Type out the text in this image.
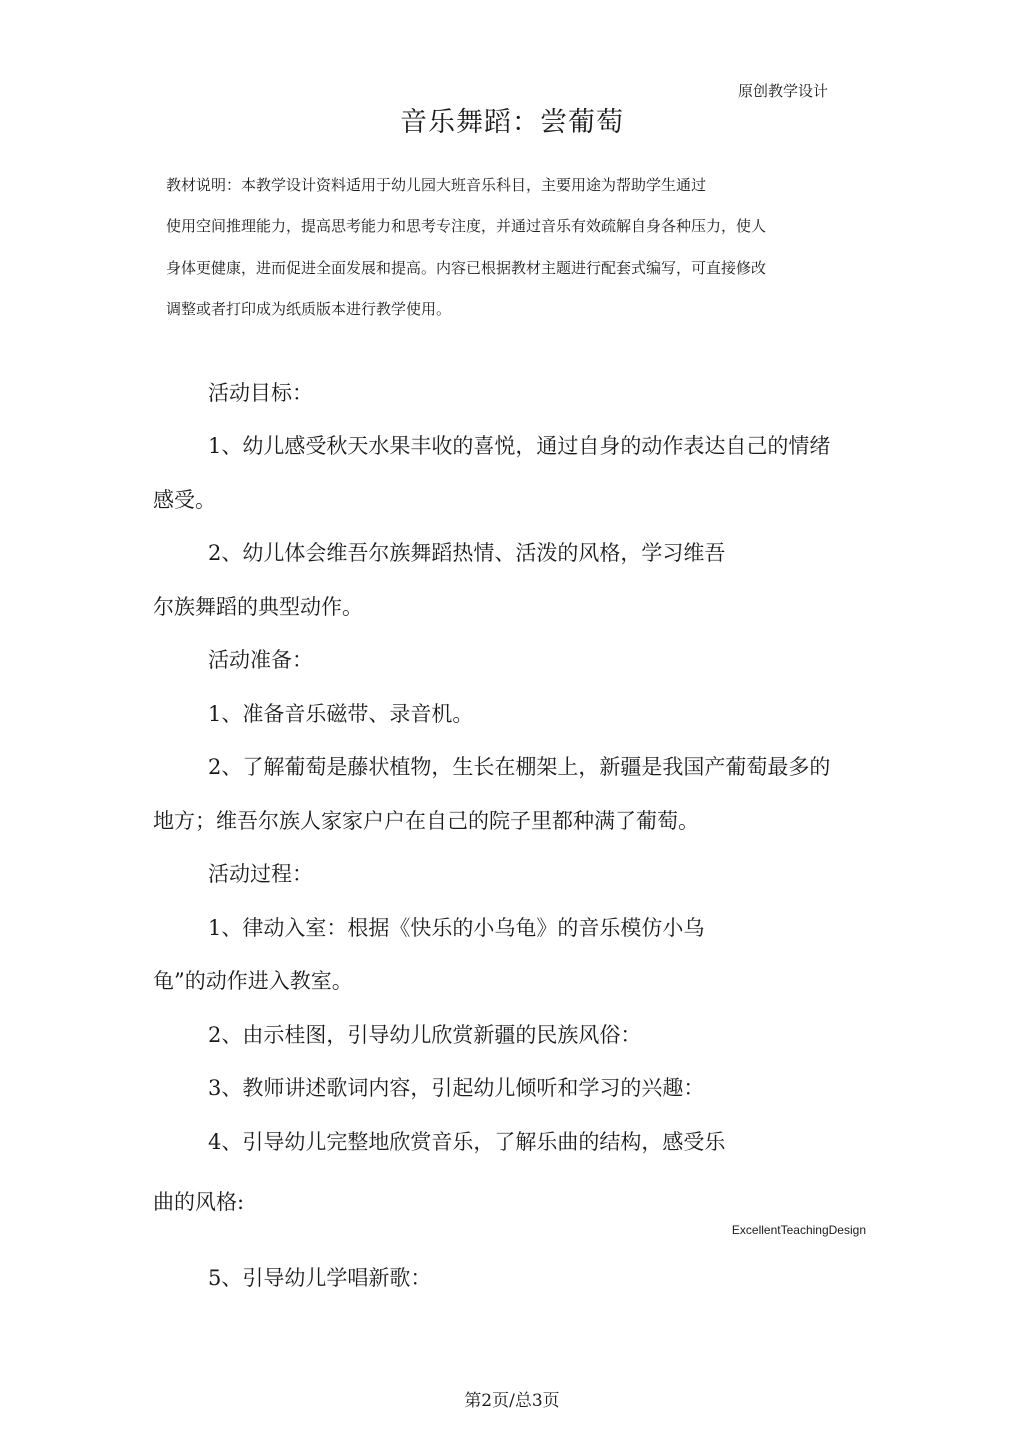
原创教学设计
音乐舞蹈：尝葡萄
教材说明：本教学设计资料适用于幼儿园大班音乐科目，主要用途为帮助学生通过
使用空间推理能力，提高思考能力和思考专注度，并通过音乐有效疏解自身各种压力，使人
身体更健康，进而促进全面发展和提高。内容已根据教材主题进行配套式编写，可直接修改
调整或者打印成为纸质版本进行教学使用。
活动目标：
1、幼儿感受秋天水果丰收的喜悦，通过自身的动作表达自己的情绪
感受。
2、幼儿体会维吾尔族舞蹈热情、活泼的风格，学习维吾
尔族舞蹈的典型动作。
活动准备：
1、准备音乐磁带、录音机。
2、了解葡萄是藤状植物，生长在棚架上，新疆是我国产葡萄最多的
地方；维吾尔族人家家户户在自己的院子里都种满了葡萄。
活动过程：
1、律动入室：根据《快乐的小乌龟》的音乐模仿小乌
龟”的动作进入教室。
2、由示桂图，引导幼儿欣赏新疆的民族风俗：
3、教师讲述歌词内容，引起幼儿倾听和学习的兴趣：
4、引导幼儿完整地欣赏音乐，了解乐曲的结构，感受乐
曲的风格:
5、引导幼儿学唱新歌：
ExcellentTeachingDesign
第2页/总3页
